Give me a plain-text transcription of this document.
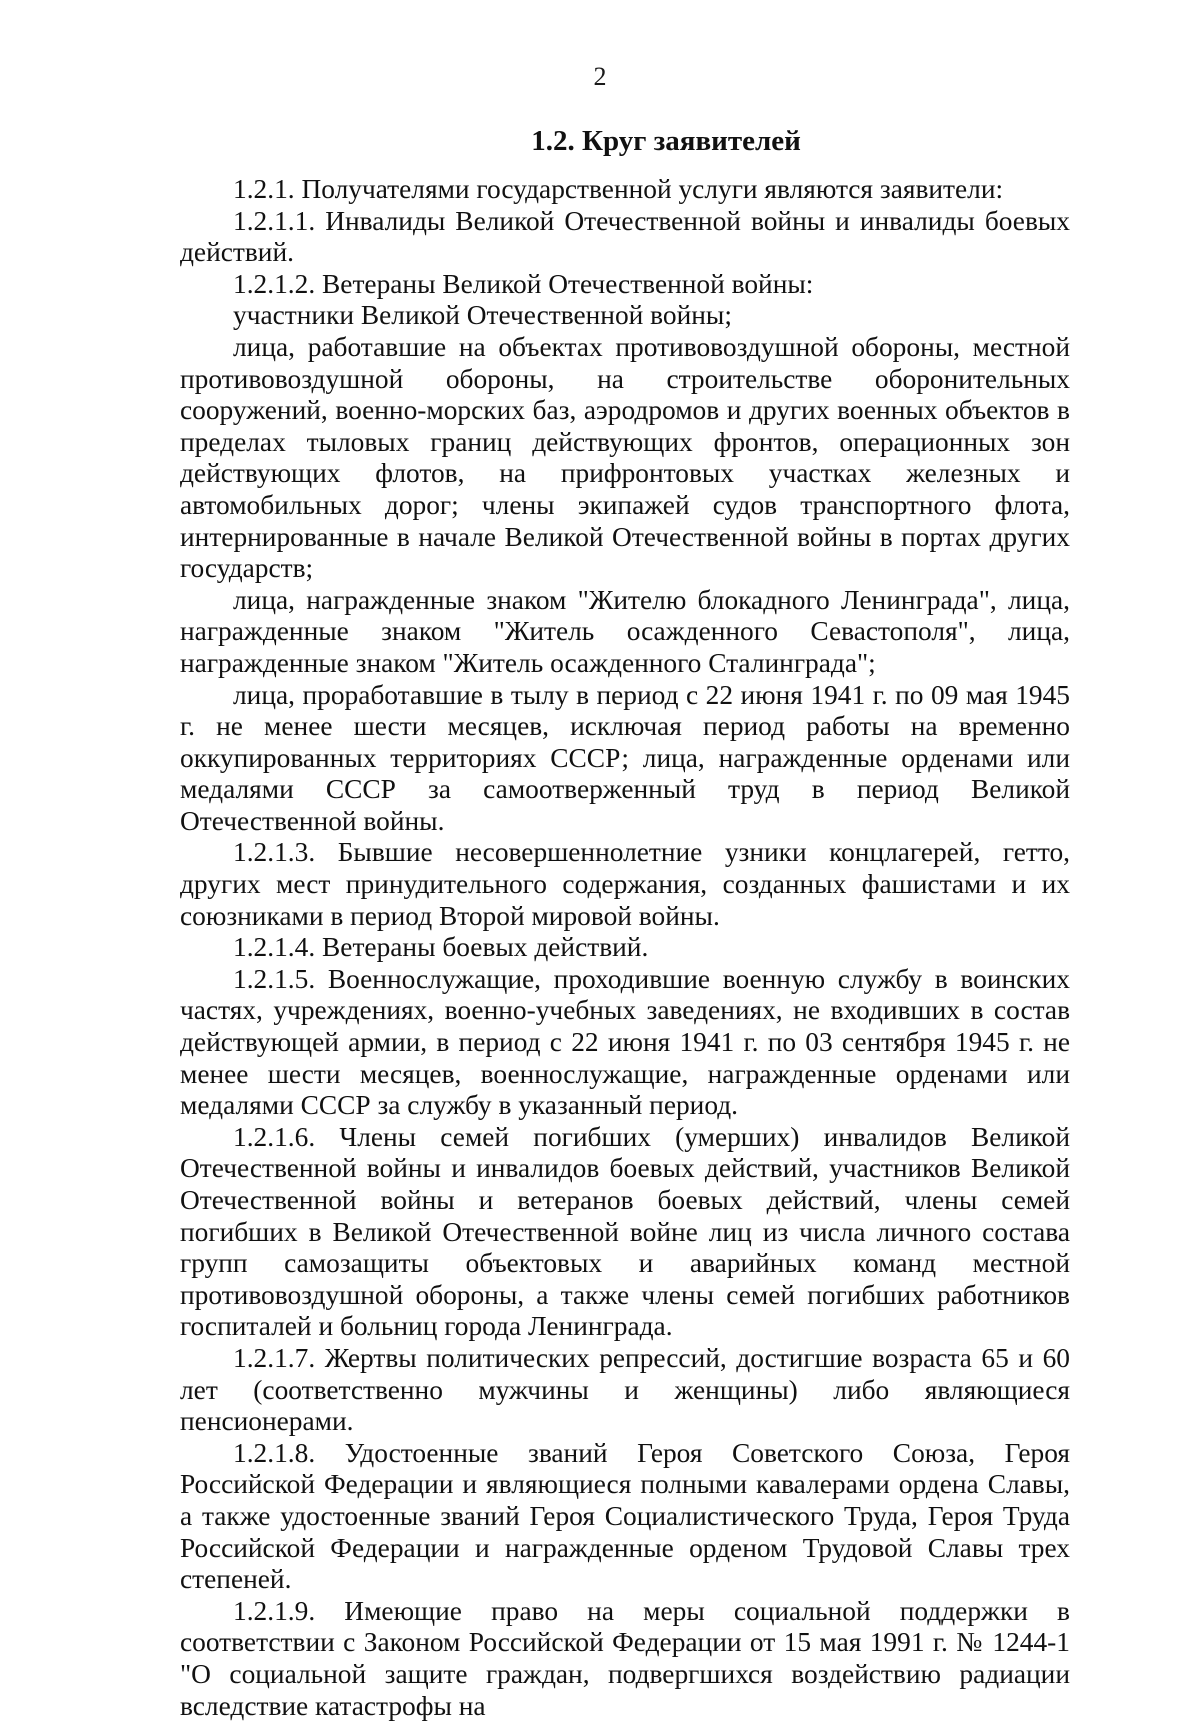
2
1.2. Круг заявителей

1.2.1. Получателями государственной услуги являются заявители:

1.2.1.1. Инвалиды Великой Отечественной войны и инвалиды боевых действий.

1.2.1.2. Ветераны Великой Отечественной войны:

участники Великой Отечественной войны;

лица, работавшие на объектах противовоздушной обороны, местной противовоздушной обороны, на строительстве оборонительных сооружений, военно-морских баз, аэродромов и других военных объектов в пределах тыловых границ действующих фронтов, операционных зон действующих флотов, на прифронтовых участках железных и автомобильных дорог; члены экипажей судов транспортного флота, интернированные в начале Великой Отечественной войны в портах других государств;

лица, награжденные знаком "Жителю блокадного Ленинграда", лица, награжденные знаком "Житель осажденного Севастополя", лица, награжденные знаком "Житель осажденного Сталинграда";

лица, проработавшие в тылу в период с 22 июня 1941 г. по 09 мая 1945 г. не менее шести месяцев, исключая период работы на временно оккупированных территориях СССР; лица, награжденные орденами или медалями СССР за самоотверженный труд в период Великой Отечественной войны.

1.2.1.3. Бывшие несовершеннолетние узники концлагерей, гетто, других мест принудительного содержания, созданных фашистами и их союзниками в период Второй мировой войны.

1.2.1.4. Ветераны боевых действий.

1.2.1.5. Военнослужащие, проходившие военную службу в воинских частях, учреждениях, военно-учебных заведениях, не входивших в состав действующей армии, в период с 22 июня 1941 г. по 03 сентября 1945 г. не менее шести месяцев, военнослужащие, награжденные орденами или медалями СССР за службу в указанный период.

1.2.1.6. Члены семей погибших (умерших) инвалидов Великой Отечественной войны и инвалидов боевых действий, участников Великой Отечественной войны и ветеранов боевых действий, члены семей погибших в Великой Отечественной войне лиц из числа личного состава групп самозащиты объектовых и аварийных команд местной противовоздушной обороны, а также члены семей погибших работников госпиталей и больниц города Ленинграда.

1.2.1.7. Жертвы политических репрессий, достигшие возраста 65 и 60 лет (соответственно мужчины и женщины) либо являющиеся пенсионерами.

1.2.1.8. Удостоенные званий Героя Советского Союза, Героя Российской Федерации и являющиеся полными кавалерами ордена Славы, а также удостоенные званий Героя Социалистического Труда, Героя Труда Российской Федерации и награжденные орденом Трудовой Славы трех степеней.

1.2.1.9. Имеющие право на меры социальной поддержки в соответствии с Законом Российской Федерации от 15 мая 1991 г. № 1244-1 "О социальной защите граждан, подвергшихся воздействию радиации вследствие катастрофы на
